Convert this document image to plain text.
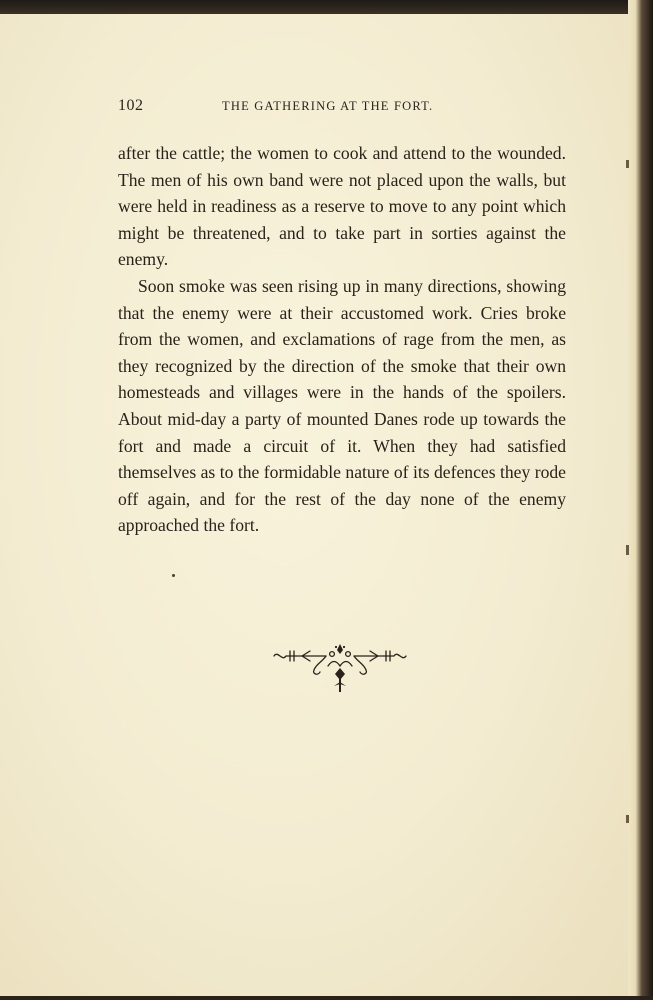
102	THE GATHERING AT THE FORT.

after the cattle; the women to cook and attend to the wounded. The men of his own band were not placed upon the walls, but were held in readiness as a reserve to move to any point which might be threatened, and to take part in sorties against the enemy.

Soon smoke was seen rising up in many directions, showing that the enemy were at their accustomed work. Cries broke from the women, and exclamations of rage from the men, as they recognized by the direction of the smoke that their own homesteads and villages were in the hands of the spoilers. About mid-day a party of mounted Danes rode up towards the fort and made a circuit of it. When they had satisfied themselves as to the formidable nature of its defences they rode off again, and for the rest of the day none of the enemy approached the fort.
